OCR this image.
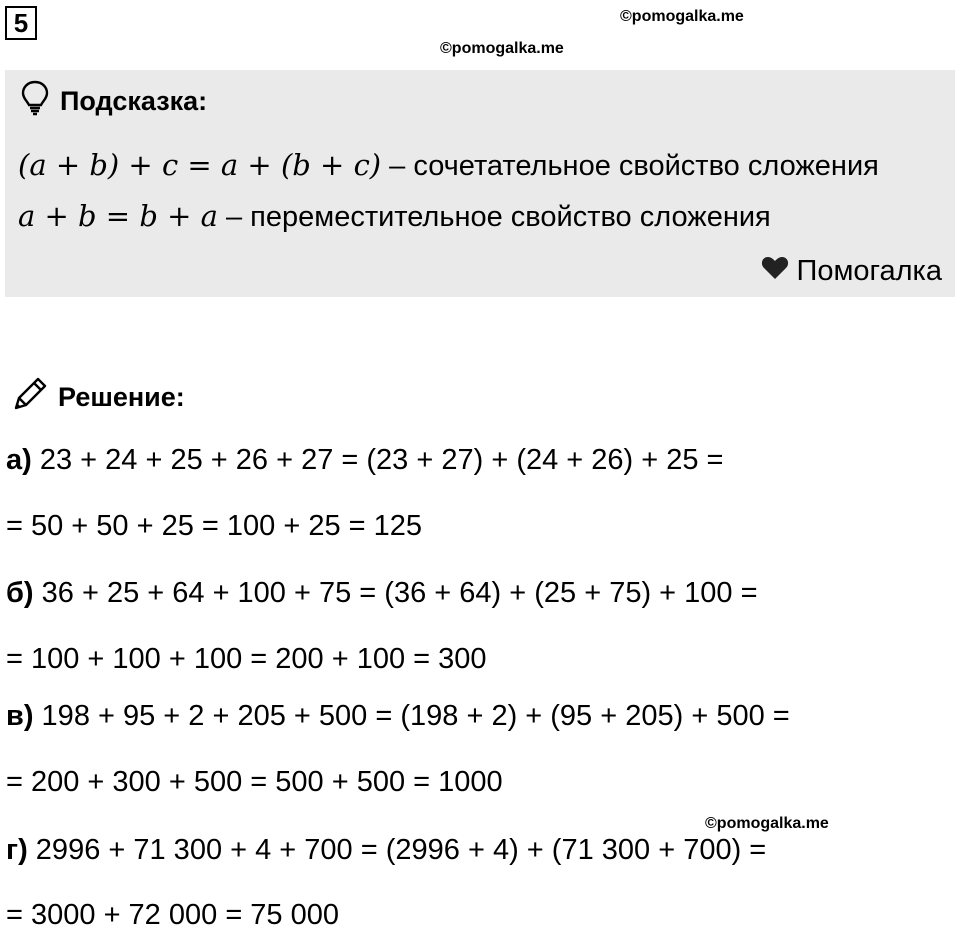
5	©pomogalka.me
©pomogalka.me
Подсказка:
(a + b) + c = a + (b + c) – сочетательное свойство сложения
a + b = b + a – переместительное свойство сложения
Помогалка
Решение:
а) 23 + 24 + 25 + 26 + 27 = (23 + 27) + (24 + 26) + 25 =
= 50 + 50 + 25 = 100 + 25 = 125
б) 36 + 25 + 64 + 100 + 75 = (36 + 64) + (25 + 75) + 100 =
= 100 + 100 + 100 = 200 + 100 = 300
в) 198 + 95 + 2 + 205 + 500 = (198 + 2) + (95 + 205) + 500 =
= 200 + 300 + 500 = 500 + 500 = 1000
©pomogalka.me
г) 2996 + 71 300 + 4 + 700 = (2996 + 4) + (71 300 + 700) =
= 3000 + 72 000 = 75 000
